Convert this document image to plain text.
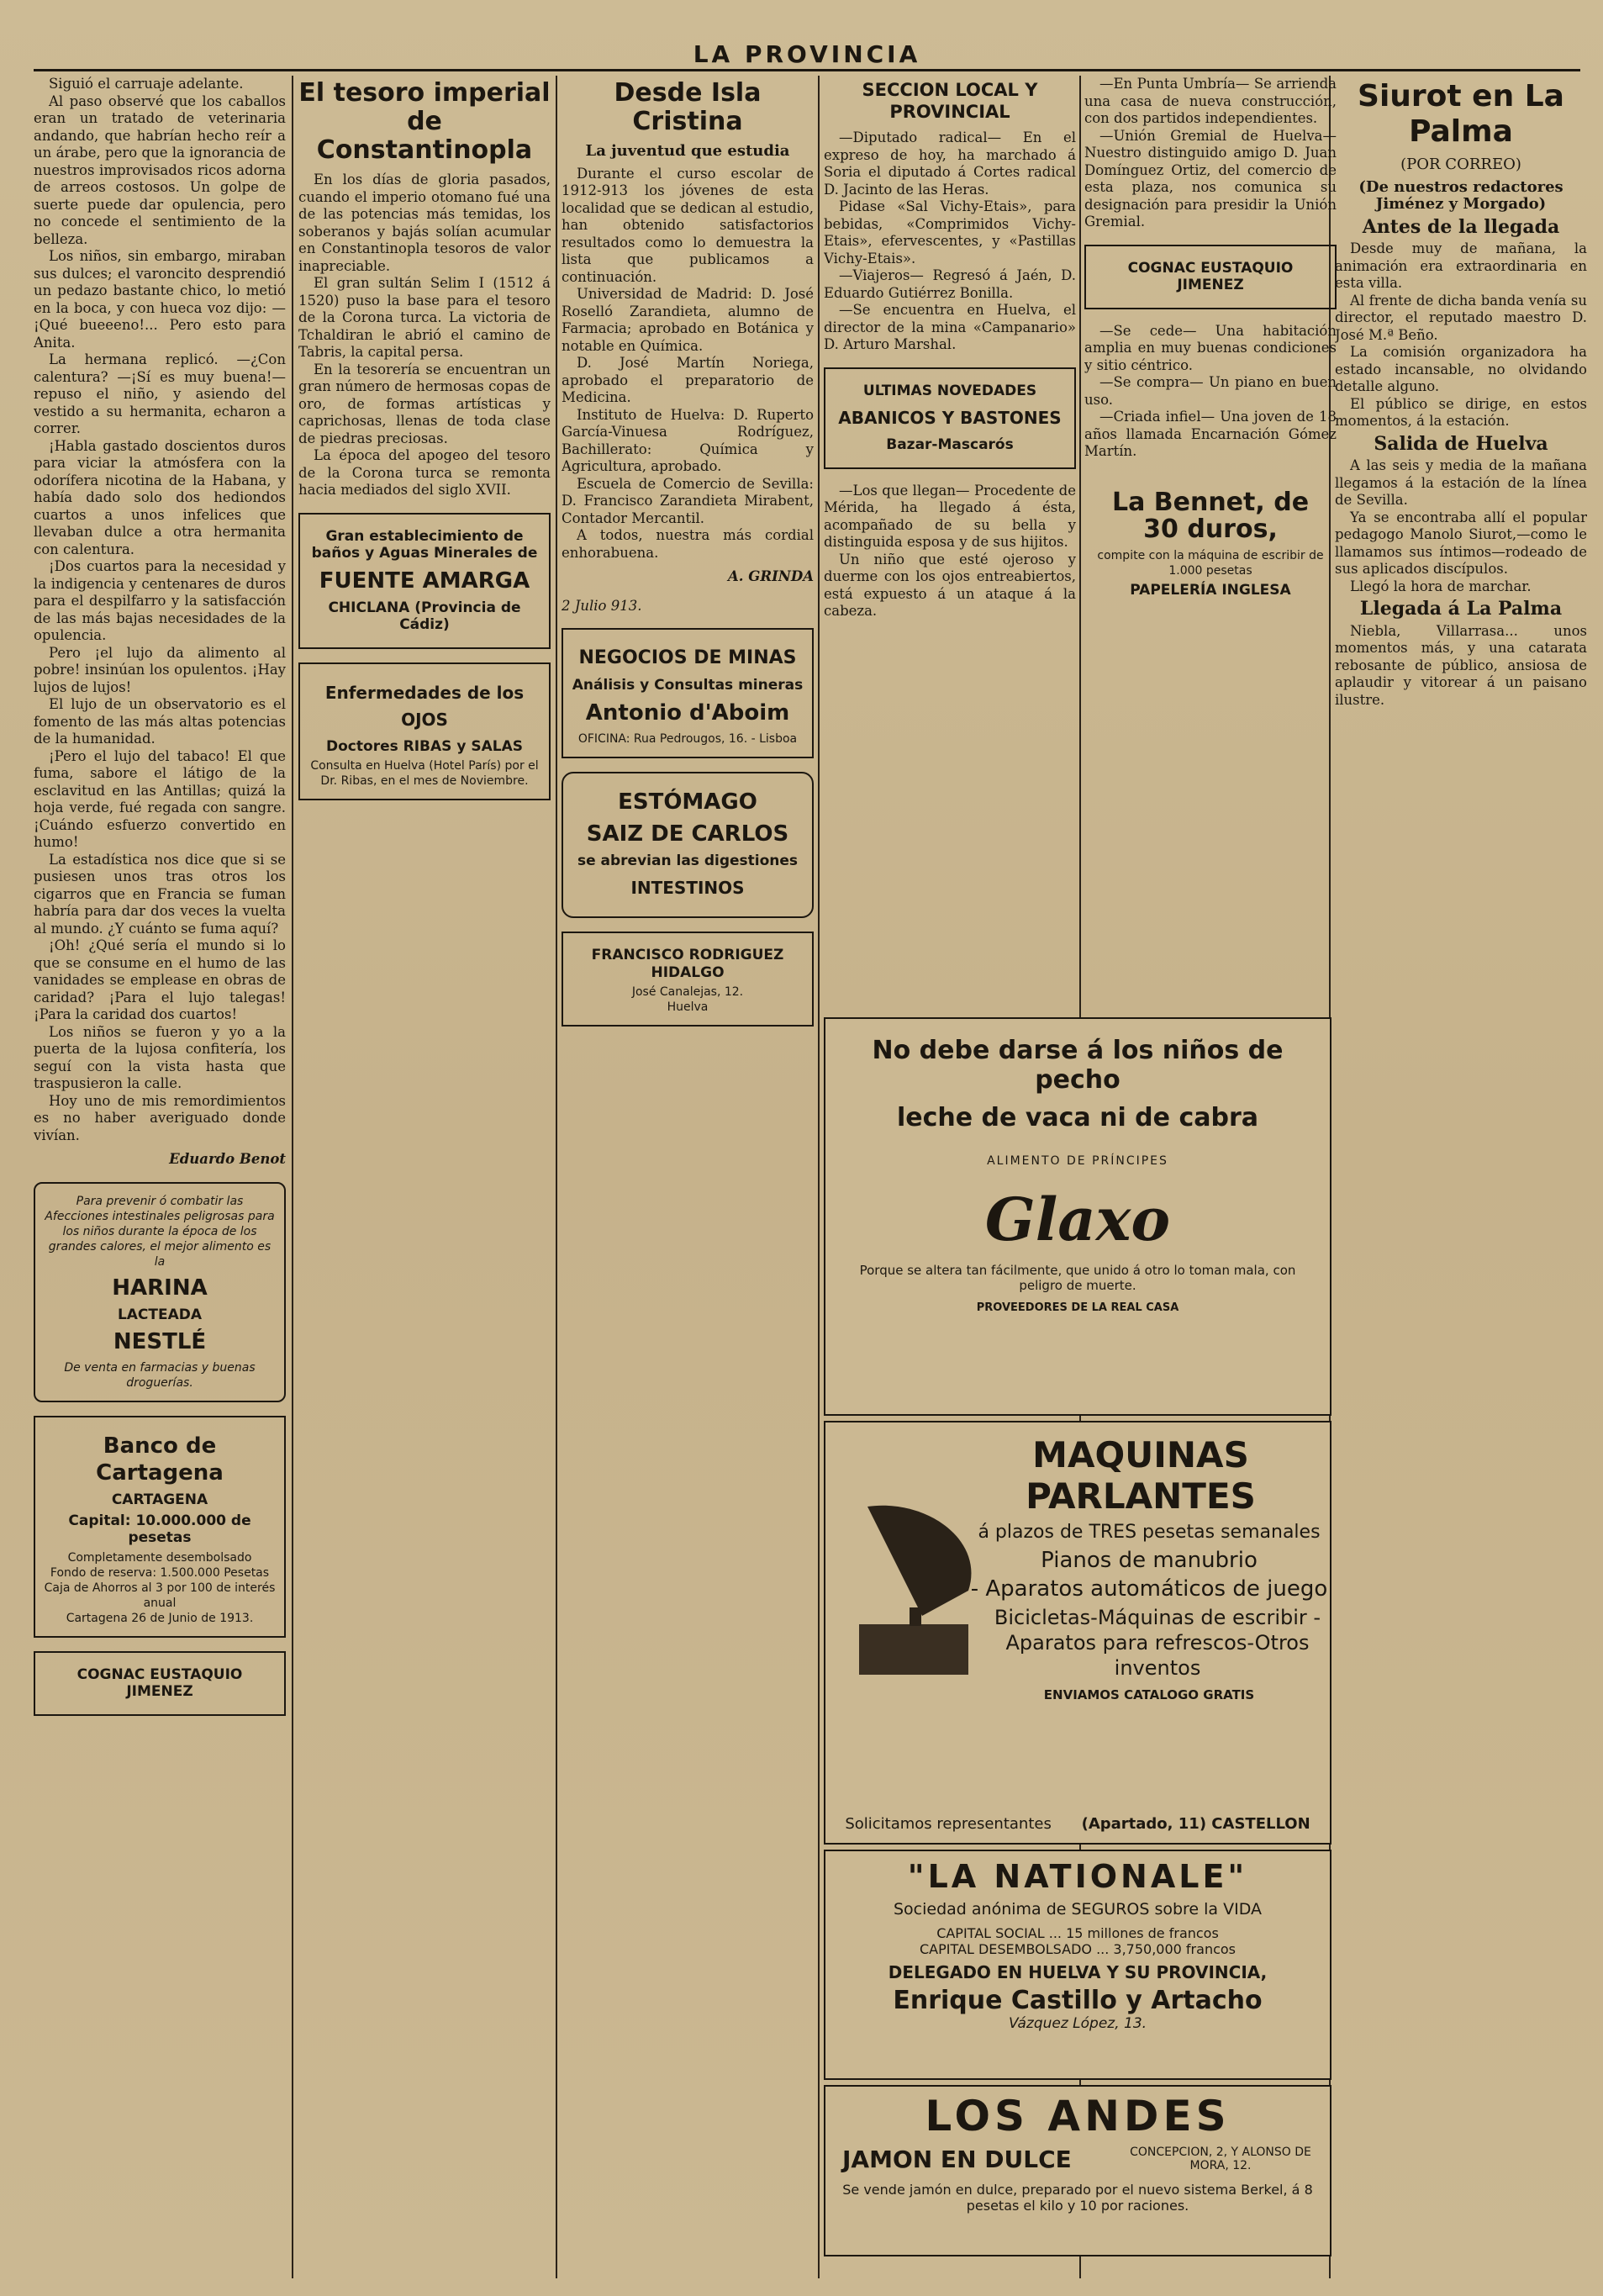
LA PROVINCIA

Siguió el carruaje adelante.

Al paso observé que los caballos eran un tratado de veterinaria andando, que habrían hecho reír a un árabe, pero que la ignorancia de nuestros improvisados ricos adorna de arreos costosos. Un golpe de suerte puede dar opulencia, pero no concede el sentimiento de la belleza.

Los niños, sin embargo, miraban sus dulces; el varoncito desprendió un pedazo bastante chico, lo metió en la boca, y con hueca voz dijo: —¡Qué bueeeno!... Pero esto para Anita.

La hermana replicó. —¿Con calentura? —¡Sí es muy buena!—repuso el niño, y asiendo del vestido a su hermanita, echaron a correr.

¡Habla gastado doscientos duros para viciar la atmósfera con la odorífera nicotina de la Habana, y había dado solo dos hediondos cuartos a unos infelices que llevaban dulce a otra hermanita con calentura.

¡Dos cuartos para la necesidad y la indigencia y centenares de duros para el despilfarro y la satisfacción de las más bajas necesidades de la opulencia.

Pero ¡el lujo da alimento al pobre! insinúan los opulentos. ¡Hay lujos de lujos!

El lujo de un observatorio es el fomento de las más altas potencias de la humanidad.

¡Pero el lujo del tabaco! El que fuma, sabore el látigo de la esclavitud en las Antillas; quizá la hoja verde, fué regada con sangre. ¡Cuándo esfuerzo convertido en humo!

La estadística nos dice que si se pusiesen unos tras otros los cigarros que en Francia se fuman habría para dar dos veces la vuelta al mundo. ¿Y cuánto se fuma aquí?

¡Oh! ¿Qué sería el mundo si lo que se consume en el humo de las vanidades se emplease en obras de caridad? ¡Para el lujo talegas! ¡Para la caridad dos cuartos!

Los niños se fueron y yo a la puerta de la lujosa confitería, los seguí con la vista hasta que traspusieron la calle.

Hoy uno de mis remordimientos es no haber averiguado donde vivían.

Eduardo Benot
Para prevenir ó combatir las Afecciones intestinales peligrosas para los niños durante la época de los grandes calores, el mejor alimento es la
HARINA
LACTEADA
NESTLÉ
De venta en farmacias y buenas droguerías.
Banco de Cartagena
CARTAGENA
Capital: 10.000.000 de pesetas
Completamente desembolsado
Fondo de reserva: 1.500.000 Pesetas
Caja de Ahorros al 3 por 100 de interés anual
Cartagena 26 de Junio de 1913.
COGNAC EUSTAQUIO JIMENEZ
El tesoro imperial de Constantinopla

En los días de gloria pasados, cuando el imperio otomano fué una de las potencias más temidas, los soberanos y bajás solían acumular en Constantinopla tesoros de valor inapreciable.

El gran sultán Selim I (1512 á 1520) puso la base para el tesoro de la Corona turca. La victoria de Tchaldiran le abrió el camino de Tabris, la capital persa.

En la tesorería se encuentran un gran número de hermosas copas de oro, de formas artísticas y caprichosas, llenas de toda clase de piedras preciosas.

La época del apogeo del tesoro de la Corona turca se remonta hacia mediados del siglo XVII.

Gran establecimiento de baños y Aguas Minerales de
FUENTE AMARGA
CHICLANA (Provincia de Cádiz)
Enfermedades de los OJOS
Doctores RIBAS y SALAS
Consulta en Huelva (Hotel París) por el Dr. Ribas, en el mes de Noviembre.
Desde Isla Cristina
La juventud que estudia

Durante el curso escolar de 1912-913 los jóvenes de esta localidad que se dedican al estudio, han obtenido satisfactorios resultados como lo demuestra la lista que publicamos a continuación.

Universidad de Madrid: D. José Roselló Zarandieta, alumno de Farmacia; aprobado en Botánica y notable en Química.

D. José Martín Noriega, aprobado el preparatorio de Medicina.

Instituto de Huelva: D. Ruperto García-Vinuesa Rodríguez, Bachillerato: Química y Agricultura, aprobado.

Escuela de Comercio de Sevilla: D. Francisco Zarandieta Mirabent, Contador Mercantil.

A todos, nuestra más cordial enhorabuena.

A. GRINDA
2 Julio 913.
NEGOCIOS DE MINAS
Análisis y Consultas mineras
Antonio d'Aboim
OFICINA: Rua Pedrougos, 16. - Lisboa
ESTÓMAGO
SAIZ DE CARLOS
se abrevian las digestiones
INTESTINOS
FRANCISCO RODRIGUEZ HIDALGO
José Canalejas, 12.
Huelva
SECCION LOCAL Y PROVINCIAL

—Diputado radical— En el expreso de hoy, ha marchado á Soria el diputado á Cortes radical D. Jacinto de las Heras.

Pidase «Sal Vichy-Etais», para bebidas, «Comprimidos Vichy-Etais», efervescentes, y «Pastillas Vichy-Etais».

—Viajeros— Regresó á Jaén, D. Eduardo Gutiérrez Bonilla.

—Se encuentra en Huelva, el director de la mina «Campanario» D. Arturo Marshal.

ULTIMAS NOVEDADES
ABANICOS Y BASTONES
Bazar-Mascarós

—Los que llegan— Procedente de Mérida, ha llegado á ésta, acompañado de su bella y distinguida esposa y de sus hijitos.

Un niño que esté ojeroso y duerme con los ojos entreabiertos, está expuesto á un ataque á la cabeza.

—En Punta Umbría— Se arrienda una casa de nueva construcción, con dos partidos independientes.

—Unión Gremial de Huelva— Nuestro distinguido amigo D. Juan Domínguez Ortiz, del comercio de esta plaza, nos comunica su designación para presidir la Unión Gremial.

COGNAC EUSTAQUIO JIMENEZ

—Se cede— Una habitación amplia en muy buenas condiciones y sitio céntrico.

—Se compra— Un piano en buen uso.

—Criada infiel— Una joven de 18 años llamada Encarnación Gómez Martín.

La Bennet, de 30 duros,
compite con la máquina de escribir de 1.000 pesetas
PAPELERÍA INGLESA
Siurot en La Palma
(POR CORREO)
(De nuestros redactores Jiménez y Morgado)
Antes de la llegada

Desde muy de mañana, la animación era extraordinaria en esta villa.

Al frente de dicha banda venía su director, el reputado maestro D. José M.ª Beño.

La comisión organizadora ha estado incansable, no olvidando detalle alguno.

El público se dirige, en estos momentos, á la estación.

Salida de Huelva

A las seis y media de la mañana llegamos á la estación de la línea de Sevilla.

Ya se encontraba allí el popular pedagogo Manolo Siurot,—como le llamamos sus íntimos—rodeado de sus aplicados discípulos.

Llegó la hora de marchar.

Llegada á La Palma

Niebla, Villarrasa... unos momentos más, y una catarata rebosante de público, ansiosa de aplaudir y vitorear á un paisano ilustre.

No debe darse á los niños de pecho
leche de vaca ni de cabra
ALIMENTO DE PRÍNCIPES
Glaxo
Porque se altera tan fácilmente, que unido á otro lo toman mala, con peligro de muerte.
PROVEEDORES DE LA REAL CASA
MAQUINAS PARLANTES
á plazos de TRES pesetas semanales
Pianos de manubrio
- Aparatos automáticos de juego
Bicicletas-Máquinas de escribir - Aparatos para refrescos-Otros inventos
ENVIAMOS CATALOGO GRATIS
Solicitamos representantes (Apartado, 11) CASTELLON
"LA NATIONALE"
Sociedad anónima de SEGUROS sobre la VIDA
CAPITAL SOCIAL ... 15 millones de francos
CAPITAL DESEMBOLSADO ... 3,750,000 francos
DELEGADO EN HUELVA Y SU PROVINCIA,
Enrique Castillo y Artacho
Vázquez López, 13.
LOS ANDES
JAMON EN DULCE	CONCEPCION, 2, Y ALONSO DE MORA, 12.
Se vende jamón en dulce, preparado por el nuevo sistema Berkel, á 8 pesetas el kilo y 10 por raciones.
